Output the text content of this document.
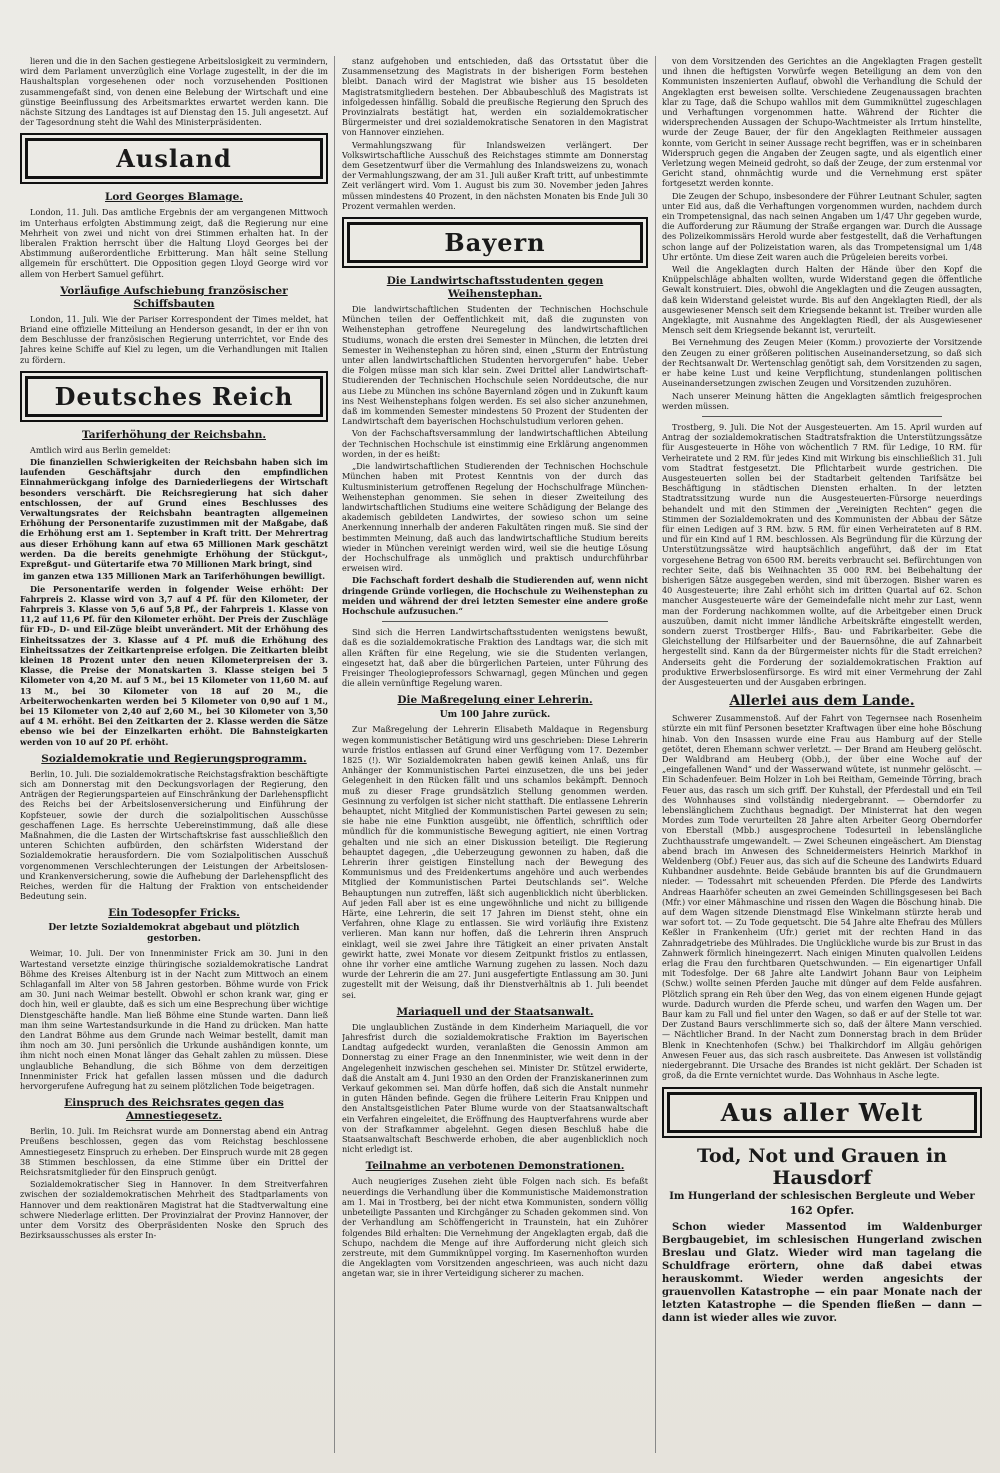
lieren und die in den Sachen gestiegene Arbeitslosigkeit zu vermindern, wird dem Parlament unverzüglich eine Vorlage zugestellt, in der die im Haushaltsplan vorgesehenen oder noch vorzusehenden Positionen zusammengefaßt sind, von denen eine Belebung der Wirtschaft und eine günstige Beeinflussung des Arbeitsmarktes erwartet werden kann. Die nächste Sitzung des Landtages ist auf Dienstag den 15. Juli angesetzt. Auf der Tagesordnung steht die Wahl des Ministerpräsidenten.

Ausland
Lord Georges Blamage.

London, 11. Juli. Das amtliche Ergebnis der am vergangenen Mittwoch im Unterhaus erfolgten Abstimmung zeigt, daß die Regierung nur eine Mehrheit von zwei und nicht von drei Stimmen erhalten hat. In der liberalen Fraktion herrscht über die Haltung Lloyd Georges bei der Abstimmung außerordentliche Erbitterung. Man hält seine Stellung allgemein für erschüttert. Die Opposition gegen Lloyd George wird vor allem von Herbert Samuel geführt.

Vorläufige Aufschiebung französischer Schiffsbauten

London, 11. Juli. Wie der Pariser Korrespondent der Times meldet, hat Briand eine offizielle Mitteilung an Henderson gesandt, in der er ihn von dem Beschlusse der französischen Regierung unterrichtet, vor Ende des Jahres keine Schiffe auf Kiel zu legen, um die Verhandlungen mit Italien zu fördern.

Deutsches Reich
Tariferhöhung der Reichsbahn.

Amtlich wird aus Berlin gemeldet:

Die finanziellen Schwierigkeiten der Reichsbahn haben sich im laufenden Geschäftsjahr durch den empfindlichen Einnahmerückgang infolge des Darniederliegens der Wirtschaft besonders verschärft. Die Reichsregierung hat sich daher entschlossen, der auf Grund eines Beschlusses des Verwaltungsrates der Reichsbahn beantragten allgemeinen Erhöhung der Personentarife zuzustimmen mit der Maßgabe, daß die Erhöhung erst am 1. September in Kraft tritt. Der Mehrertrag aus dieser Erhöhung kann auf etwa 65 Millionen Mark geschätzt werden. Da die bereits genehmigte Erhöhung der Stückgut-, Expreßgut- und Gütertarife etwa 70 Millionen Mark bringt, sind

im ganzen etwa 135 Millionen Mark an Tariferhöhungen bewilligt.

Die Personentarife werden in folgender Weise erhöht: Der Fahrpreis 2. Klasse wird von 3,7 auf 4 Pf. für den Kilometer, der Fahrpreis 3. Klasse von 5,6 auf 5,8 Pf., der Fahrpreis 1. Klasse von 11,2 auf 11,6 Pf. für den Kilometer erhöht. Der Preis der Zuschläge für FD-, D- und Eil-Züge bleibt unverändert. Mit der Erhöhung des Einheitssatzes der 3. Klasse auf 4 Pf. muß die Erhöhung des Einheitssatzes der Zeitkartenpreise erfolgen. Die Zeitkarten bleibt kleinen 18 Prozent unter den neuen Kilometerpreisen der 3. Klasse, die Preise der Monatskarten 3. Klasse steigen bei 5 Kilometer von 4,20 M. auf 5 M., bei 15 Kilometer von 11,60 M. auf 13 M., bei 30 Kilometer von 18 auf 20 M., die Arbeiterwochenkarten werden bei 5 Kilometer von 0,90 auf 1 M., bei 15 Kilometer von 2,40 auf 2,60 M., bei 30 Kilometer von 3,50 auf 4 M. erhöht. Bei den Zeitkarten der 2. Klasse werden die Sätze ebenso wie bei der Einzelkarten erhöht. Die Bahnsteigkarten werden von 10 auf 20 Pf. erhöht.

Sozialdemokratie und Regierungsprogramm.

Berlin, 10. Juli. Die sozialdemokratische Reichstagsfraktion beschäftigte sich am Donnerstag mit den Deckungsvorlagen der Regierung, den Anträgen der Regierungsparteien auf Einschränkung der Darlehenspflicht des Reichs bei der Arbeitslosenversicherung und Einführung der Kopfsteuer, sowie der durch die sozialpolitischen Ausschüsse geschaffenen Lage. Es herrschte Uebereinstimmung, daß alle diese Maßnahmen, die die Lasten der Wirtschaftskrise fast ausschließlich den unteren Schichten aufbürden, den schärfsten Widerstand der Sozialdemokratie herausfordern. Die vom Sozialpolitischen Ausschuß vorgenommenen Verschlechterungen der Leistungen der Arbeitslosen- und Krankenversicherung, sowie die Aufhebung der Darlehenspflicht des Reiches, werden für die Haltung der Fraktion von entscheidender Bedeutung sein.

Ein Todesopfer Fricks.
Der letzte Sozialdemokrat abgebaut und plötzlich gestorben.

Weimar, 10. Juli. Der von Innenminister Frick am 30. Juni in den Wartestand versetzte einzige thüringische sozialdemokratische Landrat Böhme des Kreises Altenburg ist in der Nacht zum Mittwoch an einem Schlaganfall im Alter von 58 Jahren gestorben. Böhme wurde von Frick am 30. Juni nach Weimar bestellt. Obwohl er schon krank war, ging er doch hin, weil er glaubte, daß es sich um eine Besprechung über wichtige Dienstgeschäfte handle. Man ließ Böhme eine Stunde warten. Dann ließ man ihm seine Wartestandsurkunde in die Hand zu drücken. Man hatte den Landrat Böhme aus dem Grunde nach Weimar bestellt, damit man ihm noch am 30. Juni persönlich die Urkunde aushändigen konnte, um ihm nicht noch einen Monat länger das Gehalt zahlen zu müssen. Diese unglaubliche Behandlung, die sich Böhme von dem derzeitigen Innenminister Frick hat gefallen lassen müssen und die dadurch hervorgerufene Aufregung hat zu seinem plötzlichen Tode beigetragen.

Einspruch des Reichsrates gegen das Amnestiegesetz.

Berlin, 10. Juli. Im Reichsrat wurde am Donnerstag abend ein Antrag Preußens beschlossen, gegen das vom Reichstag beschlossene Amnestiegesetz Einspruch zu erheben. Der Einspruch wurde mit 28 gegen 38 Stimmen beschlossen, da eine Stimme über ein Drittel der Reichsratsmitglieder für den Einspruch genügt.

Sozialdemokratischer Sieg in Hannover. In dem Streitverfahren zwischen der sozialdemokratischen Mehrheit des Stadtparlaments von Hannover und dem reaktionären Magistrat hat die Stadtverwaltung eine schwere Niederlage erlitten. Der Provinzialrat der Provinz Hannover, der unter dem Vorsitz des Oberpräsidenten Noske den Spruch des Bezirksausschusses als erster In-

stanz aufgehoben und entschieden, daß das Ortsstatut über die Zusammensetzung des Magistrats in der bisherigen Form bestehen bleibt. Danach wird der Magistrat wie bisher aus 15 besoldeten Magistratsmitgliedern bestehen. Der Abbaubeschluß des Magistrats ist infolgedessen hinfällig. Sobald die preußische Regierung den Spruch des Provinzialrats bestätigt hat, werden ein sozialdemokratischer Bürgermeister und drei sozialdemokratische Senatoren in den Magistrat von Hannover einziehen.

Vermahlungszwang für Inlandsweizen verlängert. Der Volkswirtschaftliche Ausschuß des Reichstages stimmte am Donnerstag dem Gesetzentwurf über die Vermahlung des Inlandsweizens zu, wonach der Vermahlungszwang, der am 31. Juli außer Kraft tritt, auf unbestimmte Zeit verlängert wird. Vom 1. August bis zum 30. November jeden Jahres müssen mindestens 40 Prozent, in den nächsten Monaten bis Ende Juli 30 Prozent vermahlen werden.

Bayern
Die Landwirtschaftsstudenten gegen Weihenstephan.

Die landwirtschaftlichen Studenten der Technischen Hochschule München teilen der Oeffentlichkeit mit, daß die zugunsten von Weihenstephan getroffene Neuregelung des landwirtschaftlichen Studiums, wonach die ersten drei Semester in München, die letzten drei Semester in Weihenstephan zu hören sind, einen „Sturm der Entrüstung unter allen landwirtschaftlichen Studenten hervorgerufen“ habe. Ueber die Folgen müsse man sich klar sein. Zwei Drittel aller Landwirtschaft-Studierenden der Technischen Hochschule seien Norddeutsche, die nur aus Liebe zu München ins schöne Bayernland zögen und in Zukunft kaum ins Nest Weihenstephans folgen werden. Es sei also sicher anzunehmen, daß im kommenden Semester mindestens 50 Prozent der Studenten der Landwirtschaft dem bayerischen Hochschulstudium verloren gehen.

Von der Fachschaftsversammlung der landwirtschaftlichen Abteilung der Technischen Hochschule ist einstimmig eine Erklärung angenommen worden, in der es heißt:

„Die landwirtschaftlichen Studierenden der Technischen Hochschule München haben mit Protest Kenntnis von der durch das Kultusministerium getroffenen Regelung der Hochschulfrage München-Weihenstephan genommen. Sie sehen in dieser Zweiteilung des landwirtschaftlichen Studiums eine weitere Schädigung der Belange des akademisch gebildeten Landwirtes, der sowieso schon um seine Anerkennung innerhalb der anderen Fakultäten ringen muß. Sie sind der bestimmten Meinung, daß auch das landwirtschaftliche Studium bereits wieder in München vereinigt werden wird, weil sie die heutige Lösung der Hochschulfrage als unmöglich und praktisch undurchführbar erweisen wird.

Die Fachschaft fordert deshalb die Studierenden auf, wenn nicht dringende Gründe vorliegen, die Hochschule zu Weihenstephan zu meiden und während der drei letzten Semester eine andere große Hochschule aufzusuchen.“

Sind sich die Herren Landwirtschaftsstudenten wenigstens bewußt, daß es die sozialdemokratische Fraktion des Landtags war, die sich mit allen Kräften für eine Regelung, wie sie die Studenten verlangen, eingesetzt hat, daß aber die bürgerlichen Parteien, unter Führung des Freisinger Theologieprofessors Schwarnagl, gegen München und gegen die allein vernünftige Regelung waren.

Die Maßregelung einer Lehrerin.
Um 100 Jahre zurück.

Zur Maßregelung der Lehrerin Elisabeth Maldaque in Regensburg wegen kommunistischer Betätigung wird uns geschrieben: Diese Lehrerin wurde fristlos entlassen auf Grund einer Verfügung vom 17. Dezember 1825 (!). Wir Sozialdemokraten haben gewiß keinen Anlaß, uns für Anhänger der Kommunistischen Partei einzusetzen, die uns bei jeder Gelegenheit in den Rücken fällt und uns schamlos bekämpft. Dennoch muß zu dieser Frage grundsätzlich Stellung genommen werden. Gesinnung zu verfolgen ist sicher nicht statthaft. Die entlassene Lehrerin behauptet, nicht Mitglied der Kommunistischen Partei gewesen zu sein; sie habe nie eine Funktion ausgeübt, nie öffentlich, schriftlich oder mündlich für die kommunistische Bewegung agitiert, nie einen Vortrag gehalten und nie sich an einer Diskussion beteiligt. Die Regierung behauptet dagegen, „die Ueberzeugung gewonnen zu haben, daß die Lehrerin ihrer geistigen Einstellung nach der Bewegung des Kommunismus und des Freidenkertums angehöre und auch werbendes Mitglied der Kommunistischen Partei Deutschlands sei“. Welche Behauptungen nun zutreffen, läßt sich augenblicklich nicht überblicken. Auf jeden Fall aber ist es eine ungewöhnliche und nicht zu billigende Härte, eine Lehrerin, die seit 17 Jahren im Dienst steht, ohne ein Verfahren, ohne Klage zu entlassen. Sie wird vorläufig ihre Existenz verlieren. Man kann nur hoffen, daß die Lehrerin ihren Anspruch einklagt, weil sie zwei Jahre ihre Tätigkeit an einer privaten Anstalt gewirkt hatte, zwei Monate vor diesem Zeitpunkt fristlos zu entlassen, ohne ihr vorher eine amtliche Warnung zugehen zu lassen. Noch dazu wurde der Lehrerin die am 27. Juni ausgefertigte Entlassung am 30. Juni zugestellt mit der Weisung, daß ihr Dienstverhältnis ab 1. Juli beendet sei.

Mariaquell und der Staatsanwalt.

Die unglaublichen Zustände in dem Kinderheim Mariaquell, die vor Jahresfrist durch die sozialdemokratische Fraktion im Bayerischen Landtag aufgedeckt wurden, veranlaßten die Genossin Ammon am Donnerstag zu einer Frage an den Innenminister, wie weit denn in der Angelegenheit inzwischen geschehen sei. Minister Dr. Stützel erwiderte, daß die Anstalt am 4. Juni 1930 an den Orden der Franziskanerinnen zum Verkauf gekommen sei. Man dürfe hoffen, daß sich die Anstalt nunmehr in guten Händen befinde. Gegen die frühere Leiterin Frau Knippen und den Anstaltsgeistlichen Pater Blume wurde von der Staatsanwaltschaft ein Verfahren eingeleitet, die Eröffnung des Hauptverfahrens wurde aber von der Strafkammer abgelehnt. Gegen diesen Beschluß habe die Staatsanwaltschaft Beschwerde erhoben, die aber augenblicklich noch nicht erledigt ist.

Teilnahme an verbotenen Demonstrationen.

Auch neugieriges Zusehen zieht üble Folgen nach sich. Es befaßt neuerdings die Verhandlung über die Kommunistische Maidemonstration am 1. Mai in Trostberg, bei der nicht etwa Kommunisten, sondern völlig unbeteiligte Passanten und Kirchgänger zu Schaden gekommen sind. Von der Verhandlung am Schöffengericht in Traunstein, hat ein Zuhörer folgendes Bild erhalten: Die Vernehmung der Angeklagten ergab, daß die Schupo, nachdem die Menge auf ihre Aufforderung nicht gleich sich zerstreute, mit dem Gummiknüppel vorging. Im Kasernenhofton wurden die Angeklagten vom Vorsitzenden angeschrieen, was auch nicht dazu angetan war, sie in ihrer Verteidigung sicherer zu machen.

von dem Vorsitzenden des Gerichtes an die Angeklagten Fragen gestellt und ihnen die heftigsten Vorwürfe wegen Beteiligung an dem von den Kommunisten inszenierten Auflauf, obwohl die Verhandlung die Schuld der Angeklagten erst beweisen sollte. Verschiedene Zeugenaussagen brachten klar zu Tage, daß die Schupo wahllos mit dem Gummiknüttel zugeschlagen und Verhaftungen vorgenommen hatte. Während der Richter die widersprechenden Aussagen der Schupo-Wachtmeister als Irrtum hinstellte, wurde der Zeuge Bauer, der für den Angeklagten Reithmeier aussagen konnte, vom Gericht in seiner Aussage recht begriffen, was er in scheinbaren Widerspruch gegen die Angaben der Zeugen sagte, und als eigentlich einer Verletzung wegen Meineid gedroht, so daß der Zeuge, der zum erstenmal vor Gericht stand, ohnmächtig wurde und die Vernehmung erst später fortgesetzt werden konnte.

Die Zeugen der Schupo, insbesondere der Führer Leutnant Schuler, sagten unter Eid aus, daß die Verhaftungen vorgenommen wurden, nachdem durch ein Trompetensignal, das nach seinen Angaben um 1/47 Uhr gegeben wurde, die Aufforderung zur Räumung der Straße ergangen war. Durch die Aussage des Polizeikommissärs Herold wurde aber festgestellt, daß die Verhaftungen schon lange auf der Polizeistation waren, als das Trompetensignal um 1/48 Uhr ertönte. Um diese Zeit waren auch die Prügeleien bereits vorbei.

Weil die Angeklagten durch Halten der Hände über den Kopf die Knüppelschläge abhalten wollten, wurde Widerstand gegen die öffentliche Gewalt konstruiert. Dies, obwohl die Angeklagten und die Zeugen aussagten, daß kein Widerstand geleistet wurde. Bis auf den Angeklagten Riedl, der als ausgewiesener Mensch seit dem Kriegsende bekannt ist. Treiber wurden alle Angeklagte, mit Ausnahme des Angeklagten Riedl, der als Ausgewiesener Mensch seit dem Kriegsende bekannt ist, verurteilt.

Bei Vernehmung des Zeugen Meier (Komm.) provozierte der Vorsitzende den Zeugen zu einer größeren politischen Auseinandersetzung, so daß sich der Rechtsanwalt Dr. Wertenschlag genötigt sah, dem Vorsitzenden zu sagen, er habe keine Lust und keine Verpflichtung, stundenlangen politischen Auseinandersetzungen zwischen Zeugen und Vorsitzenden zuzuhören.

Nach unserer Meinung hätten die Angeklagten sämtlich freigesprochen werden müssen.

Trostberg, 9. Juli. Die Not der Ausgesteuerten. Am 15. April wurden auf Antrag der sozialdemokratischen Stadtratsfraktion die Unterstützungssätze für Ausgesteuerte in Höhe von wöchentlich 7 RM. für Ledige, 10 RM. für Verheiratete und 2 RM. für jedes Kind mit Wirkung bis einschließlich 31. Juli vom Stadtrat festgesetzt. Die Pflichtarbeit wurde gestrichen. Die Ausgesteuerten sollen bei der Stadtarbeit geltenden Tarifsätze bei Beschäftigung in städtischen Diensten erhalten. In der letzten Stadtratssitzung wurde nun die Ausgesteuerten-Fürsorge neuerdings behandelt und mit den Stimmen der „Vereinigten Rechten“ gegen die Stimmen der Sozialdemokraten und des Kommunisten der Abbau der Sätze für einen Ledigen auf 3 RM. bzw. 5 RM. für einen Verheirateten auf 8 RM. und für ein Kind auf 1 RM. beschlossen. Als Begründung für die Kürzung der Unterstützungssätze wird hauptsächlich angeführt, daß der im Etat vorgesehene Betrag von 6500 RM. bereits verbraucht sei. Befürchtungen von rechter Seite, daß bis Weihnachten 35 000 RM. bei Beibehaltung der bisherigen Sätze ausgegeben werden, sind mit überzogen. Bisher waren es 40 Ausgesteuerte; ihre Zahl erhöht sich im dritten Quartal auf 62. Schon mancher Ausgesteuerte wäre der Gemeindefalle nicht mehr zur Last, wenn man der Forderung nachkommen wollte, auf die Arbeitgeber einen Druck auszuüben, damit nicht immer ländliche Arbeitskräfte eingestellt werden, sondern zuerst Trostberger Hilfs-, Bau- und Fabrikarbeiter. Gebe die Gleichstellung der Hilfsarbeiter und der Bauernsöhne, die auf Zahnarbeit hergestellt sind. Kann da der Bürgermeister nichts für die Stadt erreichen? Anderseits geht die Forderung der sozialdemokratischen Fraktion auf produktive Erwerbslosenfürsorge. Es wird mit einer Vermehrung der Zahl der Ausgesteuerten und der Ausgaben erbringen.

Allerlei aus dem Lande.

Schwerer Zusammenstoß. Auf der Fahrt von Tegernsee nach Rosenheim stürzte ein mit fünf Personen besetzter Kraftwagen über eine hohe Böschung hinab. Von den Insassen wurde eine Frau aus Hamburg auf der Stelle getötet, deren Ehemann schwer verletzt. — Der Brand am Heuberg gelöscht. Der Waldbrand am Heuberg (Obb.), der über eine Woche auf der „eingefallenen Wand“ und der Wasserwand wütete, ist nunmehr gelöscht. — Ein Schadenfeuer. Beim Holzer in Loh bei Reitham, Gemeinde Törring, brach Feuer aus, das rasch um sich griff. Der Kuhstall, der Pferdestall und ein Teil des Wohnhauses sind vollständig niedergebrannt. — Oberndorfer zu lebenslänglichem Zuchthaus begnadigt. Der Ministerrat hat den wegen Mordes zum Tode verurteilten 28 Jahre alten Arbeiter Georg Oberndorfer von Eberstall (Mbb.) ausgesprochene Todesurteil in lebenslängliche Zuchthausstrafe umgewandelt. — Zwei Scheunen eingeäschert. Am Dienstag abend brach im Anwesen des Schneidermeisters Heinrich Markhof in Weldenberg (Obf.) Feuer aus, das sich auf die Scheune des Landwirts Eduard Kuhbandner ausdehnte. Beide Gebäude brannten bis auf die Grundmauern nieder. — Todessahrt mit scheuenden Pferden. Die Pferde des Landwirts Andreas Haarhöfer scheuten an zwei Gemeinden Schillingsgesesen bei Bach (Mfr.) vor einer Mähmaschine und rissen den Wagen die Böschung hinab. Die auf dem Wagen sitzende Dienstmagd Else Winkelmann stürzte herab und war sofort tot. — Zu Tode gequetscht. Die 54 Jahre alte Ehefrau des Müllers Keßler in Frankenheim (Ufr.) geriet mit der rechten Hand in das Zahnradgetriebe des Mühlrades. Die Unglückliche wurde bis zur Brust in das Zahnwerk förmlich hineingezerrt. Nach einigen Minuten qualvollen Leidens erlag die Frau den furchtbaren Quetschwunden. — Ein eigenartiger Unfall mit Todesfolge. Der 68 Jahre alte Landwirt Johann Baur von Leipheim (Schw.) wollte seinen Pferden Jauche mit dünger auf dem Felde ausfahren. Plötzlich sprang ein Reh über den Weg, das von einem eigenen Hunde gejagt wurde. Dadurch wurden die Pferde scheu, und warfen den Wagen um. Der Baur kam zu Fall und fiel unter den Wagen, so daß er auf der Stelle tot war. Der Zustand Baurs verschlimmerte sich so, daß der ältere Mann verschied. — Nächtlicher Brand. In der Nacht zum Donnerstag brach in dem Brüder Blenk in Knechtenhofen (Schw.) bei Thalkirchdorf im Allgäu gehörigen Anwesen Feuer aus, das sich rasch ausbreitete. Das Anwesen ist vollständig niedergebrannt. Die Ursache des Brandes ist nicht geklärt. Der Schaden ist groß, da die Ernte vernichtet wurde. Das Wohnhaus in Asche legte.

Aus aller Welt
Tod, Not und Grauen in Hausdorf
Im Hungerland der schlesischen Bergleute und Weber
162 Opfer.

Schon wieder Massentod im Waldenburger Bergbaugebiet, im schlesischen Hungerland zwischen Breslau und Glatz. Wieder wird man tagelang die Schuldfrage erörtern, ohne daß dabei etwas herauskommt. Wieder werden angesichts der grauenvollen Katastrophe — ein paar Monate nach der letzten Katastrophe — die Spenden fließen — dann — dann ist wieder alles wie zuvor.
